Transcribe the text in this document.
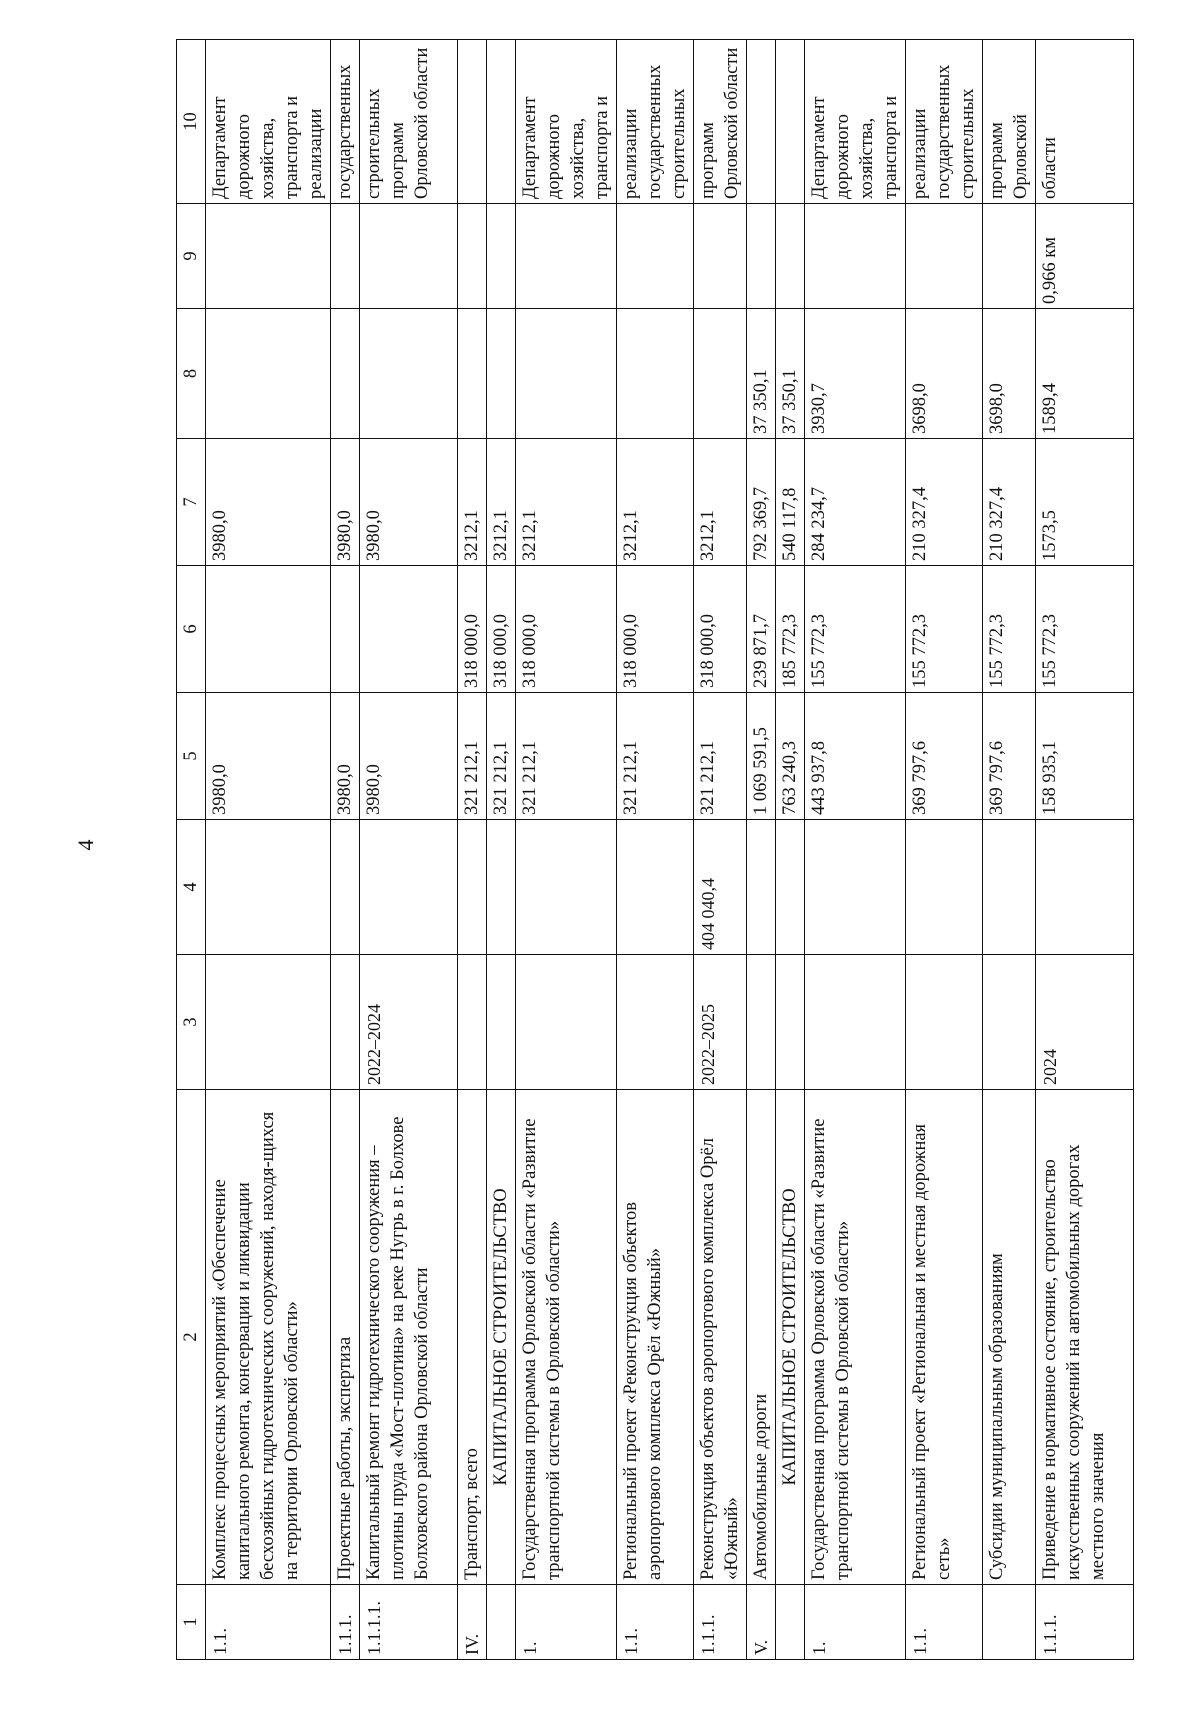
4
1	2	3	4	5	6	7	8	9	10
1.1.	Комплекс процессных мероприятий «Обеспечение капитального ремонта, консервации и ликвидации бесхозяйных гидротехнических сооружений, находя-щихся на территории Орловской области»			3980,0		3980,0			Департамент дорожного хозяйства, транспорта и реализации
1.1.1.	Проектные работы, экспертиза			3980,0		3980,0			государственных
1.1.1.1.	Капитальный ремонт гидротехнического сооружения – плотины пруда «Мост-плотина» на реке Нугрь в г. Болхове Болховского района Орловской области	2022–2024		3980,0		3980,0			строительных программ Орловской области
IV.	Транспорт, всего			321 212,1	318 000,0	3212,1			
	КАПИТАЛЬНОЕ СТРОИТЕЛЬСТВО			321 212,1	318 000,0	3212,1			
1.	Государственная программа Орловской области «Развитие транспортной системы в Орловской области»			321 212,1	318 000,0	3212,1			Департамент дорожного хозяйства, транспорта и
1.1.	Региональный проект «Реконструкция объектов аэропортового комплекса Орёл «Южный»			321 212,1	318 000,0	3212,1			реализации государственных строительных
1.1.1.	Реконструкция объектов аэропортового комплекса Орёл «Южный»	2022–2025	404 040,4	321 212,1	318 000,0	3212,1			программ Орловской области
V.	Автомобильные дороги			1 069 591,5	239 871,7	792 369,7	37 350,1		
	КАПИТАЛЬНОЕ СТРОИТЕЛЬСТВО			763 240,3	185 772,3	540 117,8	37 350,1		
1.	Государственная программа Орловской области «Развитие транспортной системы в Орловской области»			443 937,8	155 772,3	284 234,7	3930,7		Департамент дорожного хозяйства, транспорта и
1.1.	Региональный проект «Региональная и местная дорожная сеть»			369 797,6	155 772,3	210 327,4	3698,0		реализации государственных строительных
	Субсидии муниципальным образованиям			369 797,6	155 772,3	210 327,4	3698,0		программ Орловской
1.1.1.	Приведение в нормативное состояние, строительство искусственных сооружений на автомобильных дорогах местного значения	2024		158 935,1	155 772,3	1573,5	1589,4	0,966 км	области
